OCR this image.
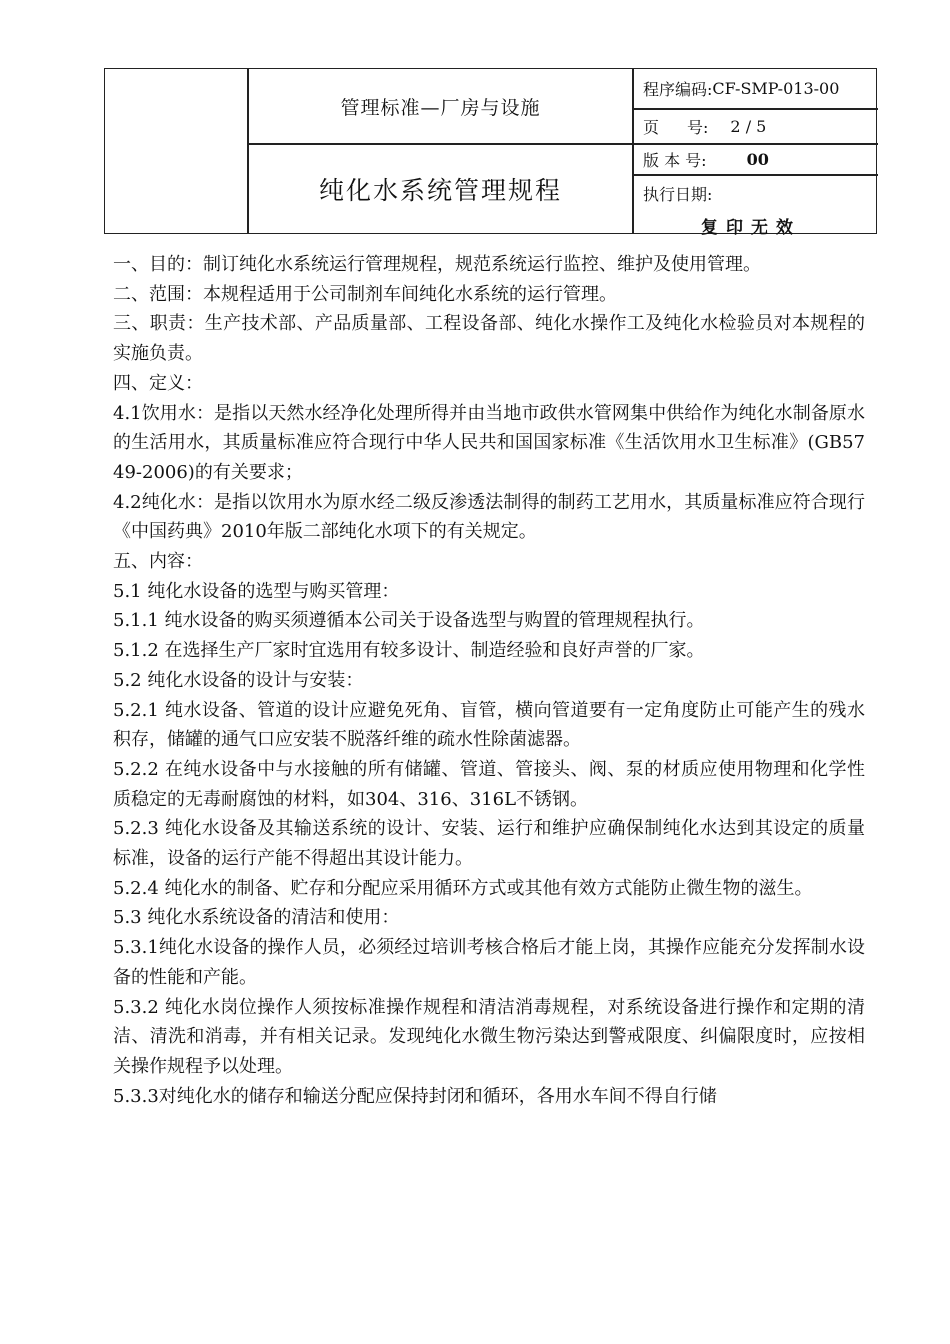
管理标准—厂房与设施
纯化水系统管理规程
程序编码: CF-SMP-013-00
页 号: 2 / 5
版 本 号:	00
执行日期:
复印无效

一、目的：制订纯化水系统运行管理规程，规范系统运行监控、维护及使用管理。

二、范围：本规程适用于公司制剂车间纯化水系统的运行管理。

三、职责：生产技术部、产品质量部、工程设备部、纯化水操作工及纯化水检验员对本规程的实施负责。

四、定义：

4.1饮用水：是指以天然水经净化处理所得并由当地市政供水管网集中供给作为纯化水制备原水的生活用水，其质量标准应符合现行中华人民共和国国家标准《生活饮用水卫生标准》(GB5749-2006)的有关要求；

4.2纯化水：是指以饮用水为原水经二级反渗透法制得的制药工艺用水，其质量标准应符合现行《中国药典》2010年版二部纯化水项下的有关规定。

五、内容：

5.1 纯化水设备的选型与购买管理：

5.1.1 纯水设备的购买须遵循本公司关于设备选型与购置的管理规程执行。

5.1.2 在选择生产厂家时宜选用有较多设计、制造经验和良好声誉的厂家。

5.2 纯化水设备的设计与安装：

5.2.1 纯水设备、管道的设计应避免死角、盲管，横向管道要有一定角度防止可能产生的残水积存，储罐的通气口应安装不脱落纤维的疏水性除菌滤器。

5.2.2 在纯水设备中与水接触的所有储罐、管道、管接头、阀、泵的材质应使用物理和化学性质稳定的无毒耐腐蚀的材料，如304、316、316L不锈钢。

5.2.3 纯化水设备及其输送系统的设计、安装、运行和维护应确保制纯化水达到其设定的质量标准，设备的运行产能不得超出其设计能力。

5.2.4 纯化水的制备、贮存和分配应采用循环方式或其他有效方式能防止微生物的滋生。

5.3 纯化水系统设备的清洁和使用：

5.3.1纯化水设备的操作人员，必须经过培训考核合格后才能上岗，其操作应能充分发挥制水设备的性能和产能。

5.3.2 纯化水岗位操作人须按标准操作规程和清洁消毒规程，对系统设备进行操作和定期的清洁、清洗和消毒，并有相关记录。发现纯化水微生物污染达到警戒限度、纠偏限度时，应按相关操作规程予以处理。

5.3.3对纯化水的储存和输送分配应保持封闭和循环，各用水车间不得自行储
